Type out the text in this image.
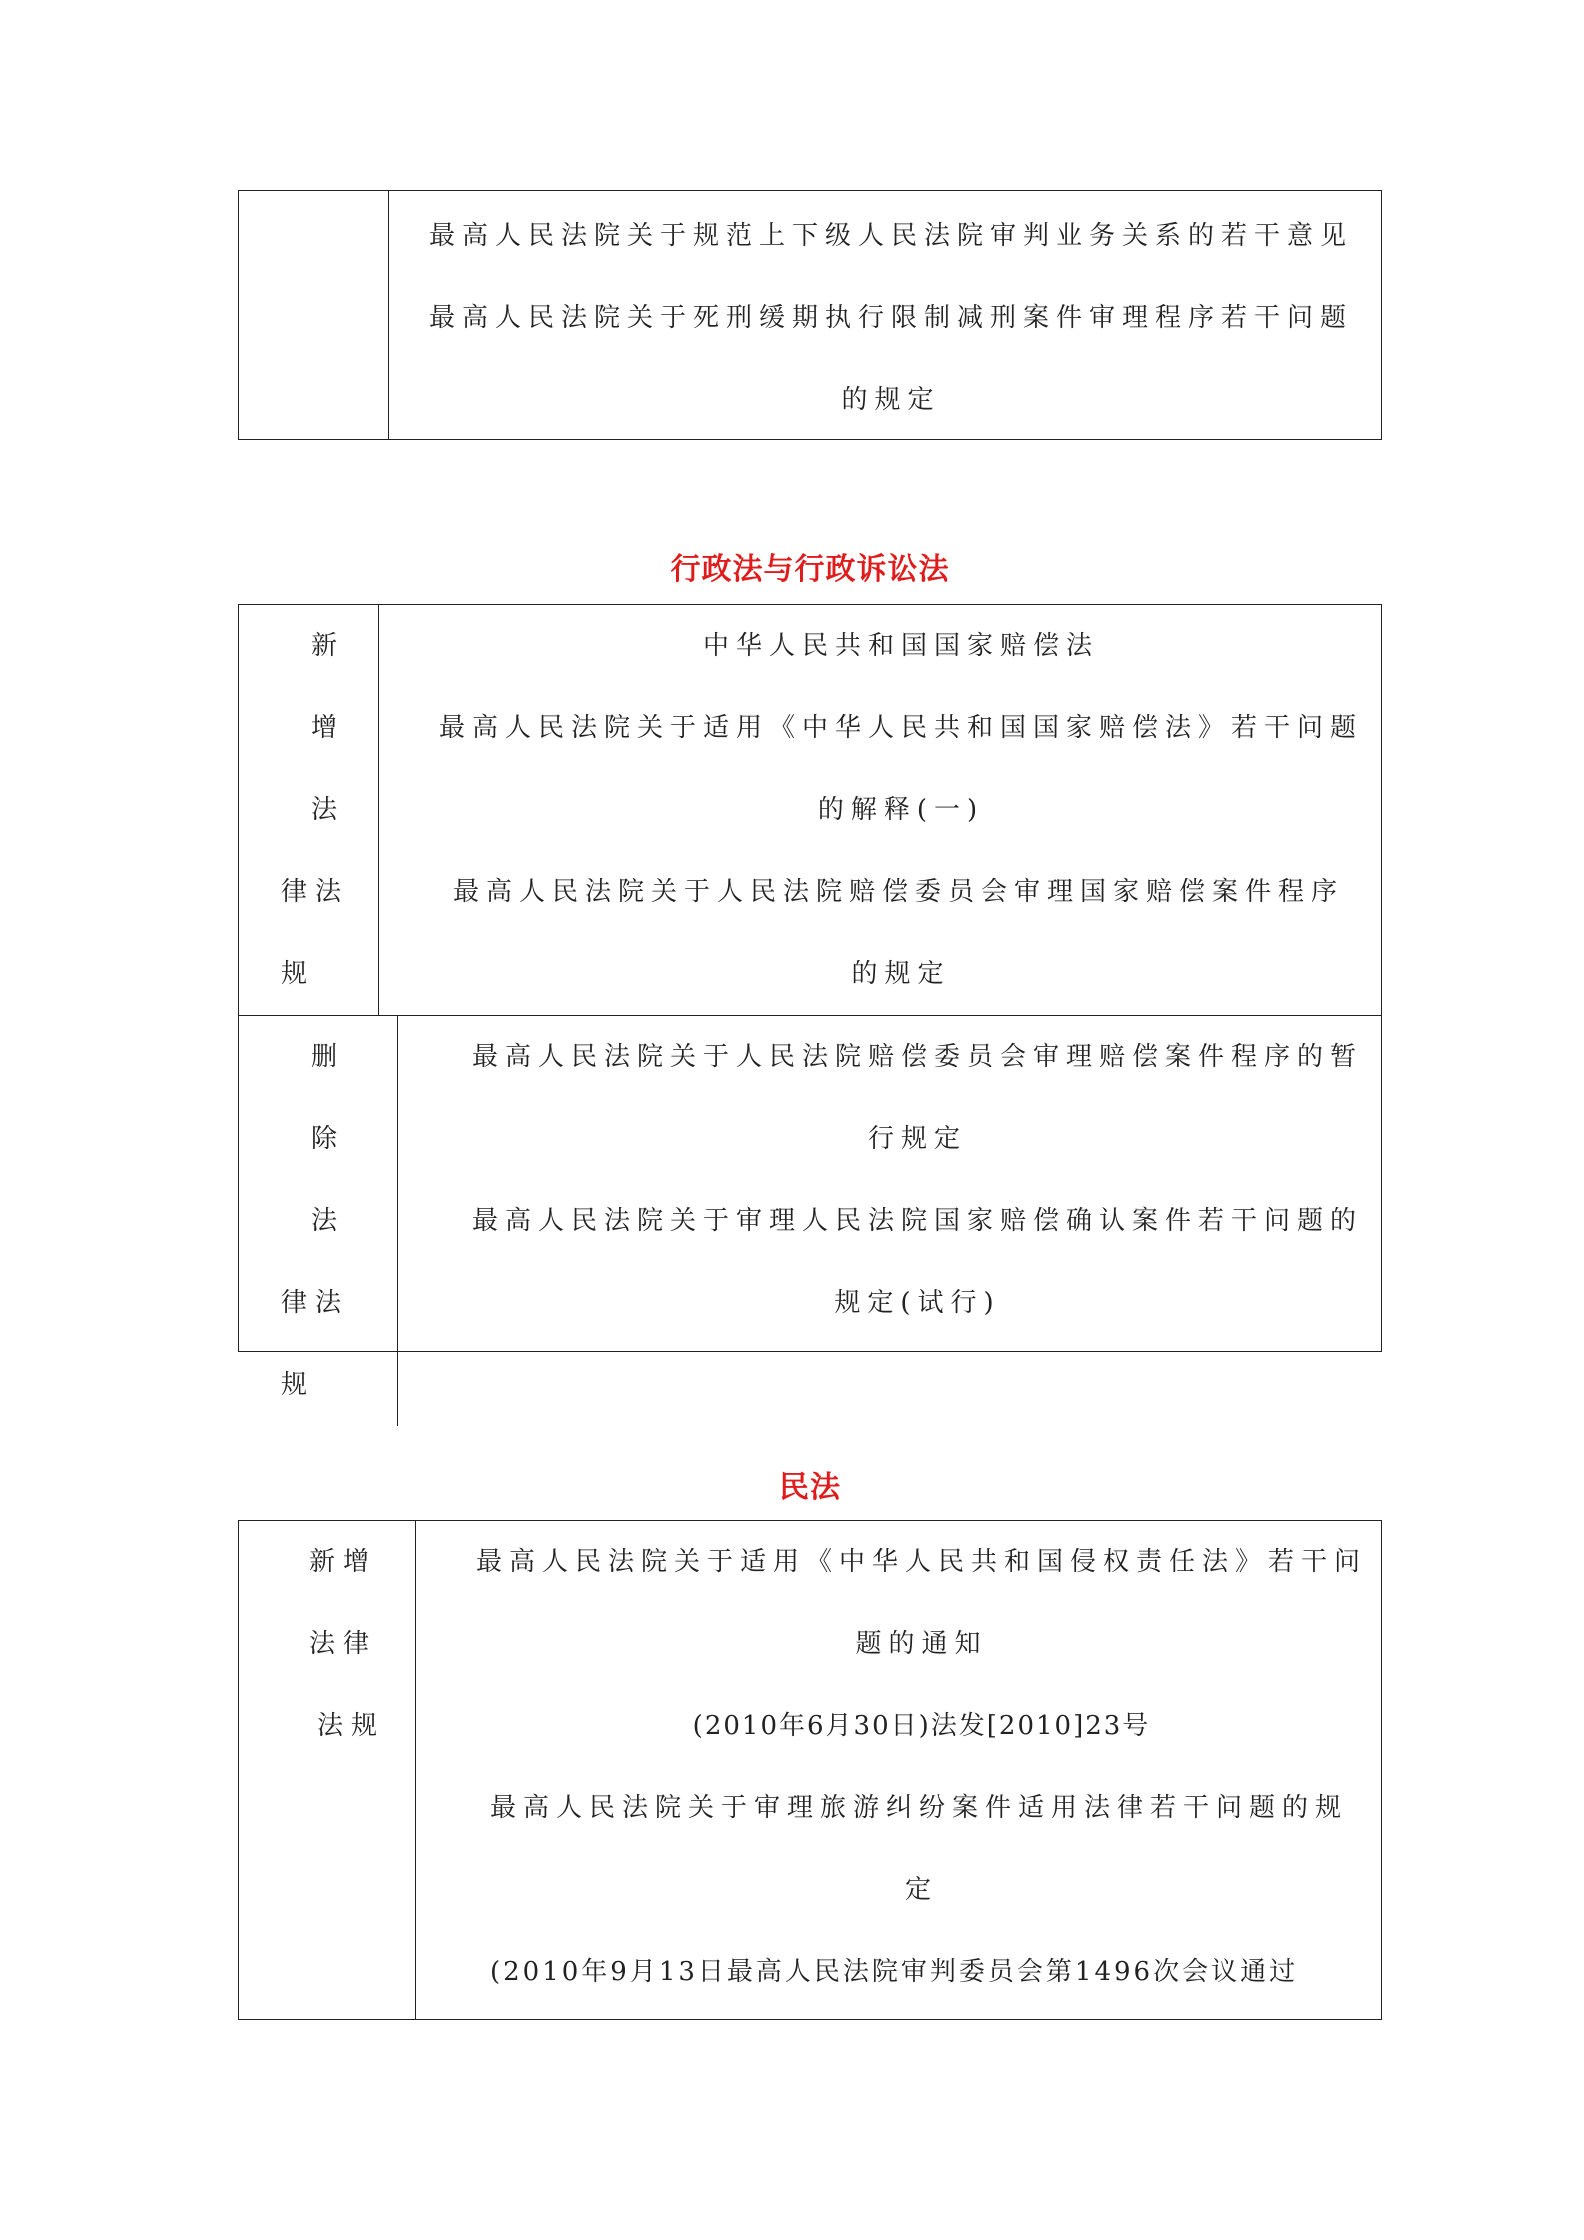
最高人民法院关于规范上下级人民法院审判业务关系的若干意见
最高人民法院关于死刑缓期执行限制减刑案件审理程序若干问题
的规定
行政法与行政诉讼法
新增法
律法规
中华人民共和国国家赔偿法
最高人民法院关于适用《中华人民共和国国家赔偿法》若干问题
的解释(一)
最高人民法院关于人民法院赔偿委员会审理国家赔偿案件程序
的规定
删除法
律法规
最高人民法院关于人民法院赔偿委员会审理赔偿案件程序的暂
行规定
最高人民法院关于审理人民法院国家赔偿确认案件若干问题的
规定(试行)
民法
新增法律
法规
最高人民法院关于适用《中华人民共和国侵权责任法》若干问
题的通知
(2010年6月30日)法发[2010]23号
最高人民法院关于审理旅游纠纷案件适用法律若干问题的规
定
(2010年9月13日最高人民法院审判委员会第1496次会议通过
